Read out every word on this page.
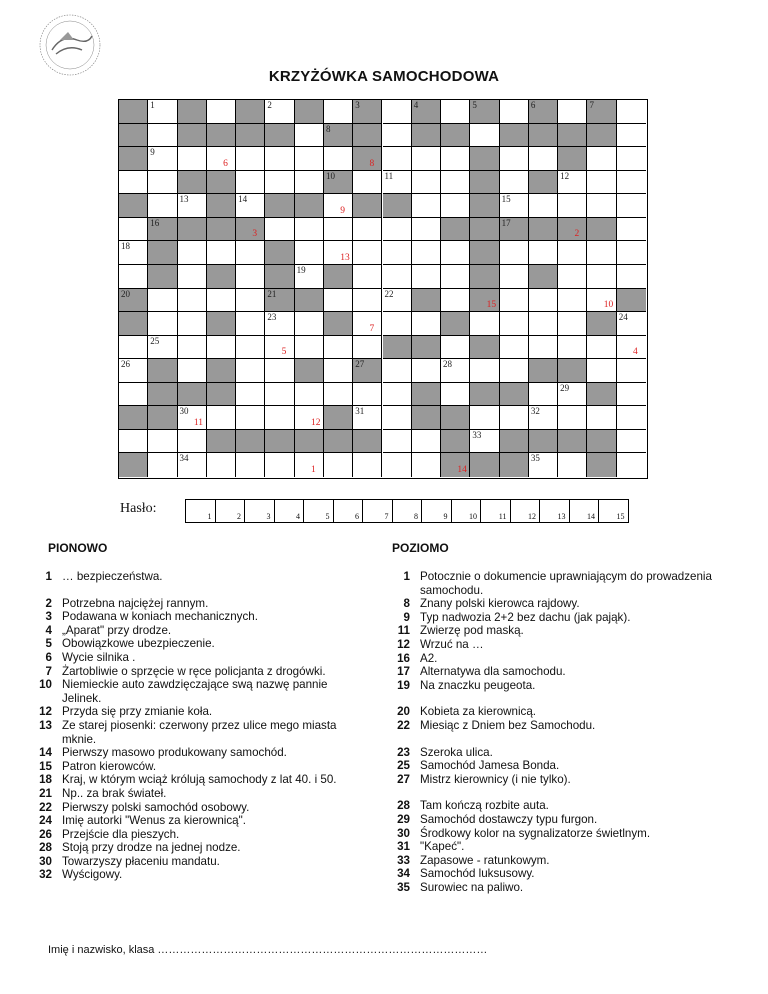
KRZYŻÓWKA SAMOCHODOWA
1	2	3	4	5	6	7
8
9
10	11	12
13	14	15
16	17
18
19
20	21	22
23	24
25
26	27	28
29
30	31	32
33
34	35
6	8
9
3	2
13
15	10
7
5	4
11	12
1	14
Hasło:
1	2	3	4	5	6	7	8	9	10	11	12	13	14	15
PIONOWO	POZIOMO
1 … bezpieczeństwa.
2 Potrzebna najciężej rannym.
3 Podawana w koniach mechanicznych.
4 „Aparat" przy drodze.
5 Obowiązkowe ubezpieczenie.
6 Wycie silnika .
7 Żartobliwie o sprzęcie w ręce policjanta z drogówki.
10 Niemieckie auto zawdzięczające swą nazwę pannie Jelinek.
12 Przyda się przy zmianie koła.
13 Ze starej piosenki: czerwony przez ulice mego miasta mknie.
14 Pierwszy masowo produkowany samochód.
15 Patron kierowców.
18 Kraj, w którym wciąż królują samochody z lat 40. i 50.
21 Np.. za brak świateł.
22 Pierwszy polski samochód osobowy.
24 Imię autorki "Wenus za kierownicą".
26 Przejście dla pieszych.
28 Stoją przy drodze na jednej nodze.
30 Towarzyszy płaceniu mandatu.
32 Wyścigowy.
1 Potocznie o dokumencie uprawniającym do prowadzenia samochodu.
8 Znany polski kierowca rajdowy.
9 Typ nadwozia 2+2 bez dachu (jak pająk).
11 Zwierzę pod maską.
12 Wrzuć na …
16 A2.
17 Alternatywa dla samochodu.
19 Na znaczku peugeota.
20 Kobieta za kierownicą.
22 Miesiąc z Dniem bez Samochodu.
23 Szeroka ulica.
25 Samochód Jamesa Bonda.
27 Mistrz kierownicy (i nie tylko).
28 Tam kończą rozbite auta.
29 Samochód dostawczy typu furgon.
30 Środkowy kolor na sygnalizatorze świetlnym.
31 "Kapeć".
33 Zapasowe - ratunkowym.
34 Samochód luksusowy.
35 Surowiec na paliwo.
Imię i nazwisko, klasa ………………………………………………………………………………
